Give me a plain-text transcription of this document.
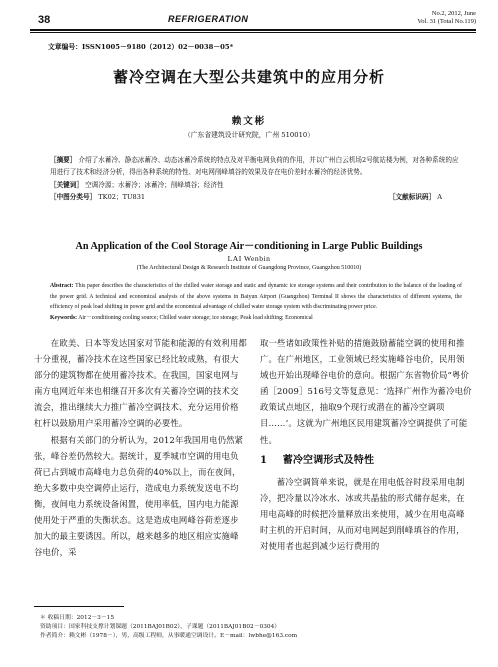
38	REFRIGERATION
No.2, 2012, June
Vol. 31 (Total No.119)
文章编号：ISSN1005－9180（2012）02－0038－05*
蓄冷空调在大型公共建筑中的应用分析
赖文彬
（广东省建筑设计研究院，广州 510010）
［摘要］ 介绍了水蓄冷、静态冰蓄冷、动态冰蓄冷系统的特点及对平衡电网负荷的作用，并以广州白云机场2号航站楼为例，对各种系统的应用进行了技术和经济分析，得出各种系统的特性、对电网削峰填谷的效果及存在电价差时水蓄冷的经济优势。
［关键词］ 空调冷源；水蓄冷；冰蓄冷；削峰填谷；经济性
［中图分类号］ TK02；TU831	［文献标识码］ A
An Application of the Cool Storage Air－conditioning in Large Public Buildings
LAI Wenbin
(The Architectural Design & Research Institute of Guangdong Province, Guangzhou 510010)
Abstract: This paper describes the characteristics of the chilled water storage and static and dynamic ice storage systems and their contribution to the balance of the loading of the power grid. A technical and economical analysis of the above systems in Baiyun Airport (Guangzhou) Terminal II shows the characteristics of different systems, the efficiency of peak load shifting in power grid and the economical advantage of chilled water storage system with discriminating power price.
Keywords: Air－conditioning cooling source; Chilled water storage; ice storage; Peak load shifting; Economical

在欧美、日本等发达国家对节能和能源的有效利用都十分重视，蓄冷技术在这些国家已经比较成熟，有很大部分的建筑物都在使用蓄冷技术。在我国，国家电网与南方电网近年来也相继召开多次有关蓄冷空调的技术交流会，推出继续大力推广蓄冷空调技术、充分运用价格杠杆以鼓励用户采用蓄冷空调的必要性。

根据有关部门的分析认为，2012年我国用电仍然紧张，峰谷差仍然较大。据统计，夏季城市空调的用电负荷已占到城市高峰电力总负荷的40%以上，而在夜间，绝大多数中央空调停止运行，造成电力系统发送电不均衡，夜间电力系统设备闲置，使用率低，国内电力能源使用处于严重的失衡状态。这是造成电网峰谷荷差逐步加大的最主要诱因。所以，越来越多的地区相应实施峰谷电价，采

取一些诸如政策性补贴的措施鼓励蓄能空调的使用和推广。在广州地区，工业领域已经实施峰谷电价，民用领域也开始出现峰谷电价的意向。根据广东省物价局“粤价函［2009］516号文等复意见：‘选择广州作为蓄冷电价政策试点地区，抽取9个现行或潜在的蓄冷空调项目……’。这就为广州地区民用建筑蓄冷空调提供了可能性。

1 蓄冷空调形式及特性

蓄冷空调简单来说，就是在用电低谷时段采用电制冷，把冷量以冷冰水、冰或共晶盐的形式储存起来，在用电高峰的时候把冷量释放出来使用，减少在用电高峰时主机的开启时间，从而对电网起到削峰填谷的作用，对使用者也起到减少运行费用的

＊ 收稿日期：2012－3－15
资助项目：国家科技支撑计划课题（2011BAJ01B02），子课题（2011BAJ01B02－0304）
作者简介：赖文彬（1978－），男，高级工程师，从事暖通空调设计。E－mail：lwbhe@163.com
